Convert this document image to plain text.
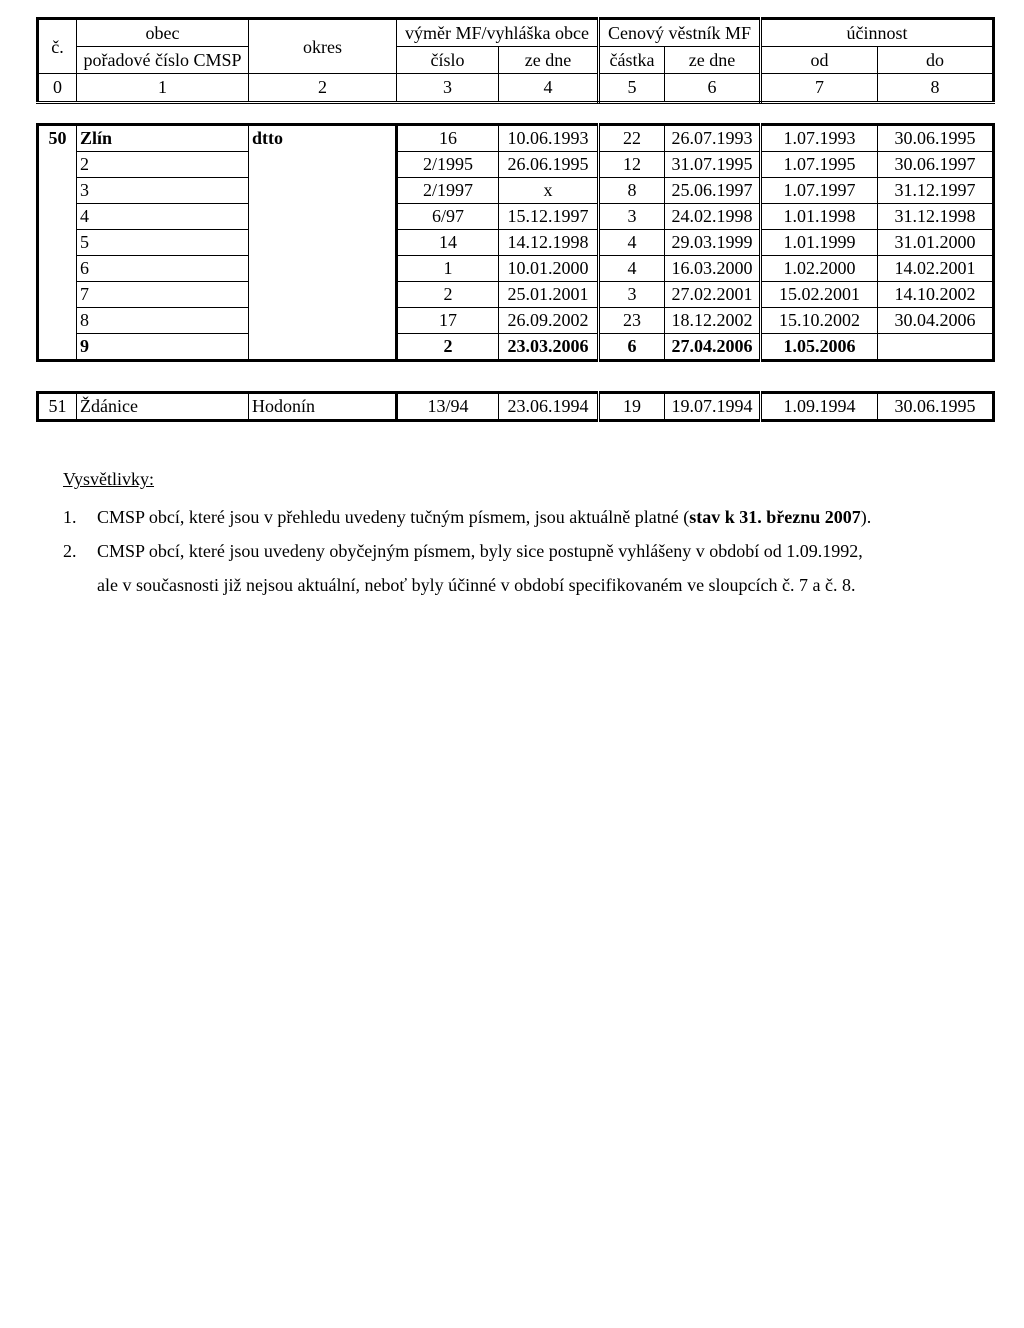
č.	obec	okres	výměr MF/vyhláška obce		Cenový věstník MF		účinnost	
	pořadové číslo CMSP		číslo	ze dne	částka	ze dne	od	do
0	1	2	3	4	5	6	7	8
50	Zlín	dtto	16	10.06.1993	22	26.07.1993	1.07.1993	30.06.1995
	2		2/1995	26.06.1995	12	31.07.1995	1.07.1995	30.06.1997
	3		2/1997	x	8	25.06.1997	1.07.1997	31.12.1997
	4		6/97	15.12.1997	3	24.02.1998	1.01.1998	31.12.1998
	5		14	14.12.1998	4	29.03.1999	1.01.1999	31.01.2000
	6		1	10.01.2000	4	16.03.2000	1.02.2000	14.02.2001
	7		2	25.01.2001	3	27.02.2001	15.02.2001	14.10.2002
	8		17	26.09.2002	23	18.12.2002	15.10.2002	30.04.2006
	9		2	23.03.2006	6	27.04.2006	1.05.2006	
51	Ždánice	Hodonín	13/94	23.06.1994	19	19.07.1994	1.09.1994	30.06.1995
Vysvětlivky:
1.	CMSP obcí, které jsou v přehledu uvedeny tučným písmem, jsou aktuálně platné (stav k 31. březnu 2007).
2.	CMSP obcí, které jsou uvedeny obyčejným písmem, byly sice postupně vyhlášeny v období od 1.09.1992,
ale v současnosti již nejsou aktuální, neboť byly účinné v období specifikovaném ve sloupcích č. 7 a č. 8.
